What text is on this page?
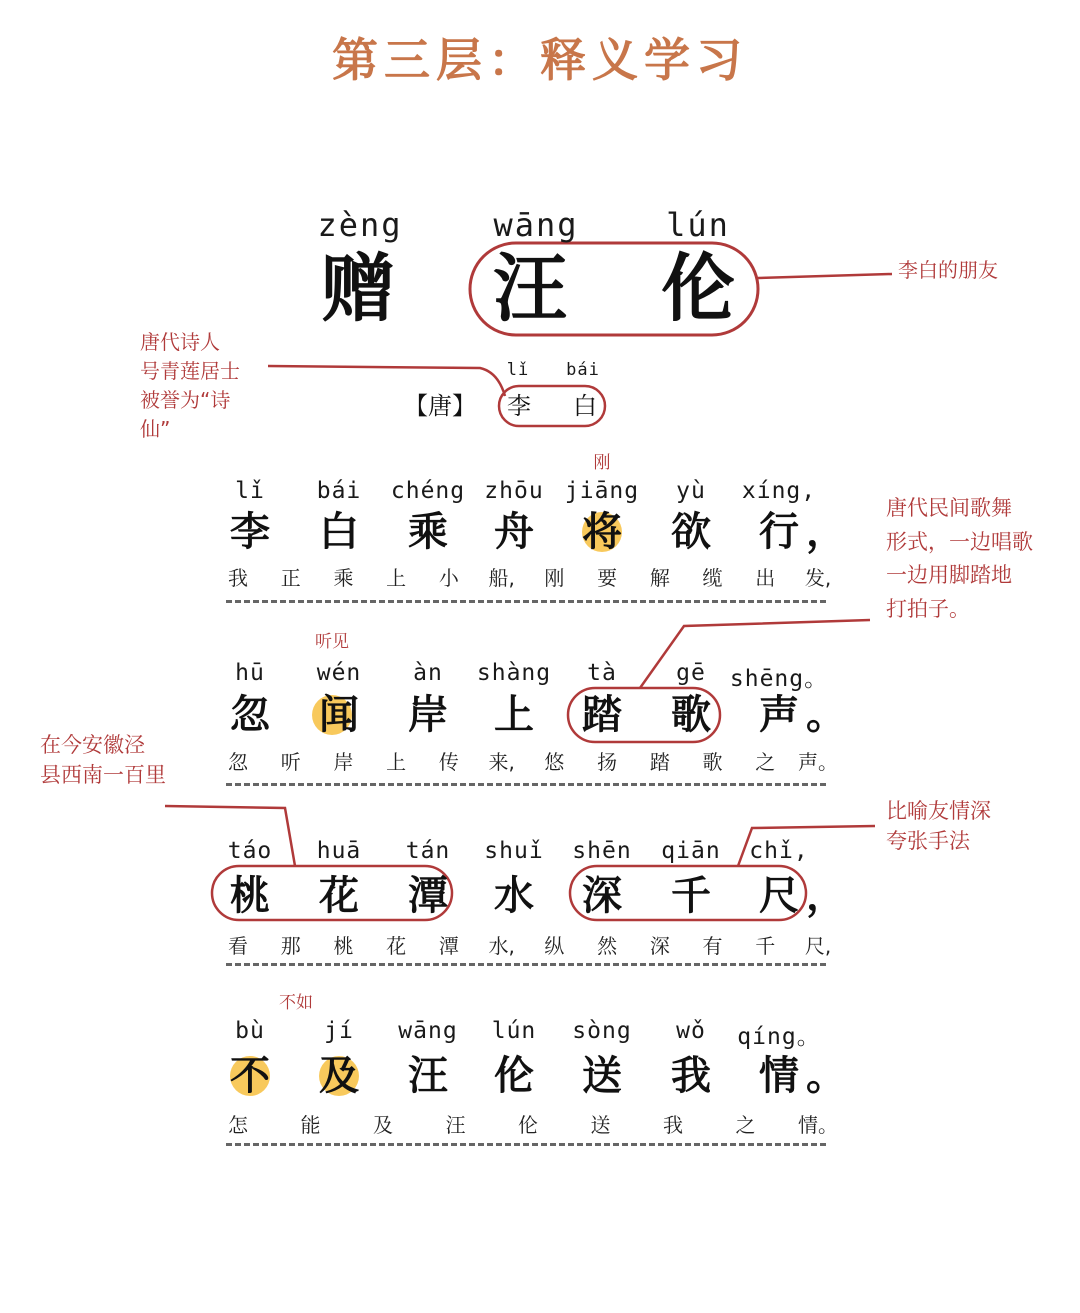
第三层：释义学习
zèng	wāng	lún
赠 汪 伦	李白的朋友
唐代诗人
号青莲居士
被誉为“诗
仙”
lǐ bái
【唐】 李 白
唐代民间歌舞
形式，一边唱歌
一边用脚踏地
打拍子。
在今安徽泾
县西南一百里
比喻友情深
夸张手法
刚
听见
不如
lǐ bái chéng zhōu jiāng yù xíng,
李 白 乘 舟 将 欲 行 ，
我 正 乘 上 小 船, 刚 要 解 缆 出 发,
hū wén àn shàng tà	gē shēng。
忽 闻 岸 上 踏 歌 声 。
忽 听 岸 上 传 来, 悠 扬 踏 歌 之 声。
táo huā tán shuǐ shēn qiān chǐ,
桃 花 潭 水 深 千 尺 ，
看 那 桃 花 潭 水, 纵 然 深 有 千 尺,
bù	jí wāng lún sòng wǒ qíng。
不 及 汪 伦 送 我 情 。
怎	能	及	汪	伦	送	我	之 情。
